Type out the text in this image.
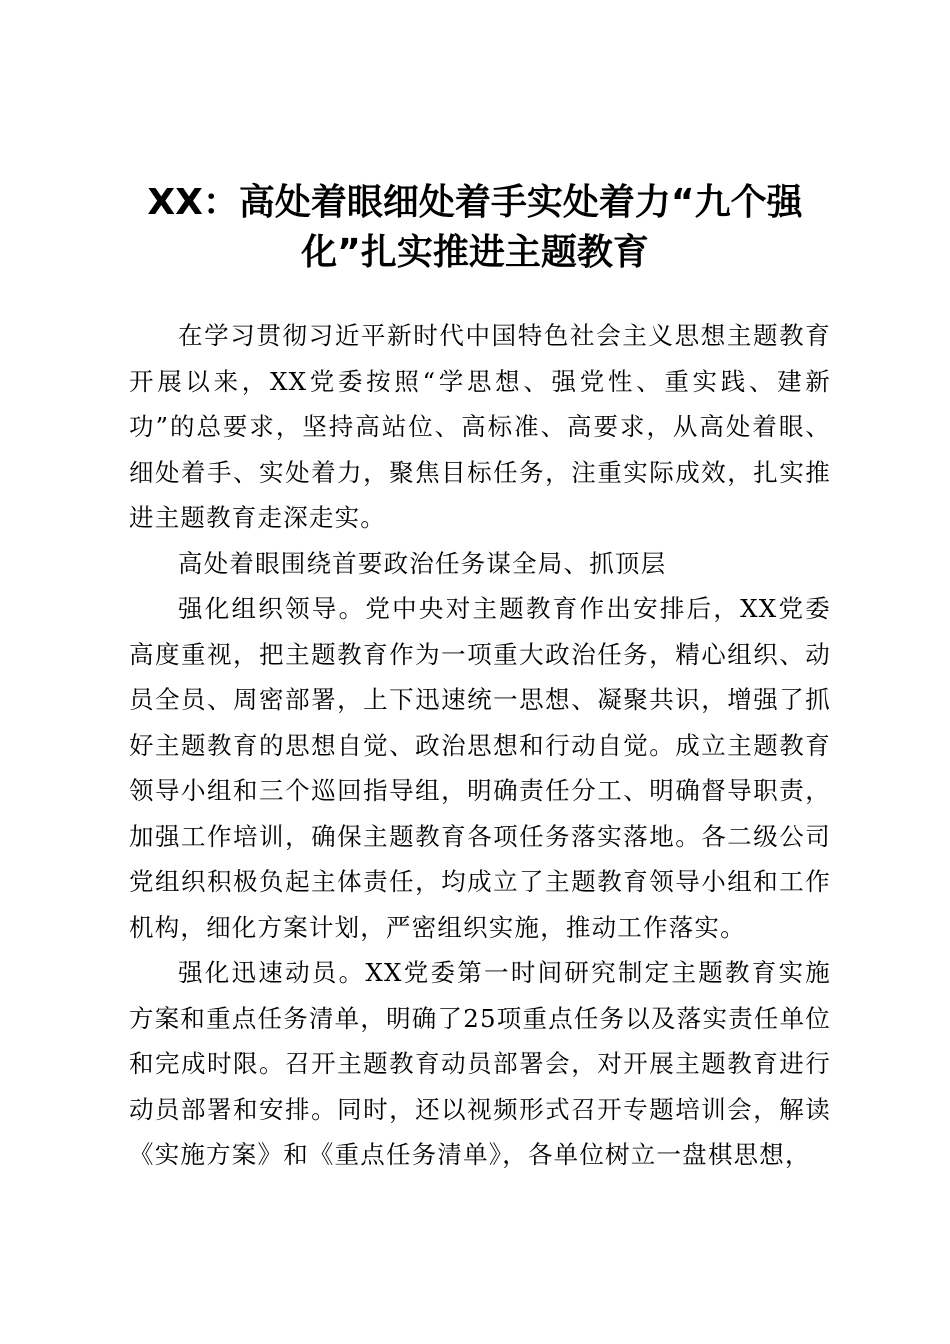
XX：高处着眼细处着手实处着力“九个强化”扎实推进主题教育

在学习贯彻习近平新时代中国特色社会主义思想主题教育开展以来，XX党委按照“学思想、强党性、重实践、建新功”的总要求，坚持高站位、高标准、高要求，从高处着眼、细处着手、实处着力，聚焦目标任务，注重实际成效，扎实推进主题教育走深走实。

高处着眼围绕首要政治任务谋全局、抓顶层

强化组织领导。党中央对主题教育作出安排后，XX党委高度重视，把主题教育作为一项重大政治任务，精心组织、动员全员、周密部署，上下迅速统一思想、凝聚共识，增强了抓好主题教育的思想自觉、政治思想和行动自觉。成立主题教育领导小组和三个巡回指导组，明确责任分工、明确督导职责，加强工作培训，确保主题教育各项任务落实落地。各二级公司党组织积极负起主体责任，均成立了主题教育领导小组和工作机构，细化方案计划，严密组织实施，推动工作落实。

强化迅速动员。XX党委第一时间研究制定主题教育实施方案和重点任务清单，明确了25项重点任务以及落实责任单位和完成时限。召开主题教育动员部署会，对开展主题教育进行动员部署和安排。同时，还以视频形式召开专题培训会，解读《实施方案》和《重点任务清单》，各单位树立一盘棋思想，
